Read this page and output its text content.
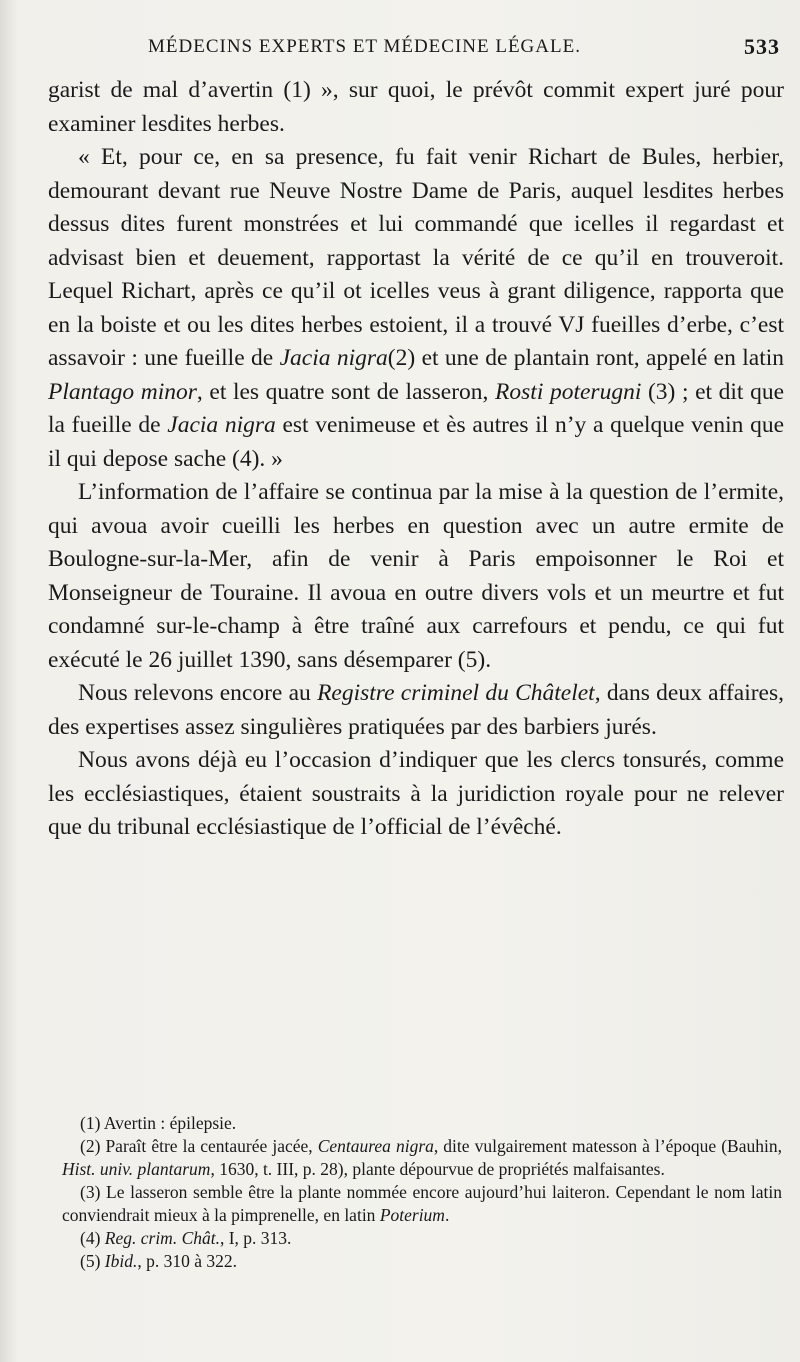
MÉDECINS EXPERTS ET MÉDECINE LÉGALE.	533

garist de mal d’avertin (1) », sur quoi, le prévôt commit expert juré pour examiner lesdites herbes.

« Et, pour ce, en sa presence, fu fait venir Richart de Bules, herbier, demourant devant rue Neuve Nostre Dame de Paris, auquel lesdites herbes dessus dites furent monstrées et lui commandé que icelles il regardast et advisast bien et deuement, rapportast la vérité de ce qu’il en trouveroit. Lequel Richart, après ce qu’il ot icelles veus à grant diligence, rapporta que en la boiste et ou les dites herbes estoient, il a trouvé VJ fueilles d’erbe, c’est assavoir : une fueille de Jacia nigra(2) et une de plantain ront, appelé en latin Plantago minor, et les quatre sont de lasseron, Rosti poterugni (3) ; et dit que la fueille de Jacia nigra est venimeuse et ès autres il n’y a quelque venin que il qui depose sache (4). »

L’information de l’affaire se continua par la mise à la question de l’ermite, qui avoua avoir cueilli les herbes en question avec un autre ermite de Boulogne-sur-la-Mer, afin de venir à Paris empoisonner le Roi et Monseigneur de Touraine. Il avoua en outre divers vols et un meurtre et fut condamné sur-le-champ à être traîné aux carrefours et pendu, ce qui fut exécuté le 26 juillet 1390, sans désemparer (5).

Nous relevons encore au Registre criminel du Châtelet, dans deux affaires, des expertises assez singulières pratiquées par des barbiers jurés.

Nous avons déjà eu l’occasion d’indiquer que les clercs tonsurés, comme les ecclésiastiques, étaient soustraits à la juridiction royale pour ne relever que du tribunal ecclésiastique de l’official de l’évêché.

(1) Avertin : épilepsie.

(2) Paraît être la centaurée jacée, Centaurea nigra, dite vulgairement matesson à l’époque (Bauhin, Hist. univ. plantarum, 1630, t. III, p. 28), plante dépourvue de propriétés malfaisantes.

(3) Le lasseron semble être la plante nommée encore aujourd’hui laiteron. Cependant le nom latin conviendrait mieux à la pimprenelle, en latin Poterium.

(4) Reg. crim. Chât., I, p. 313.

(5) Ibid., p. 310 à 322.
